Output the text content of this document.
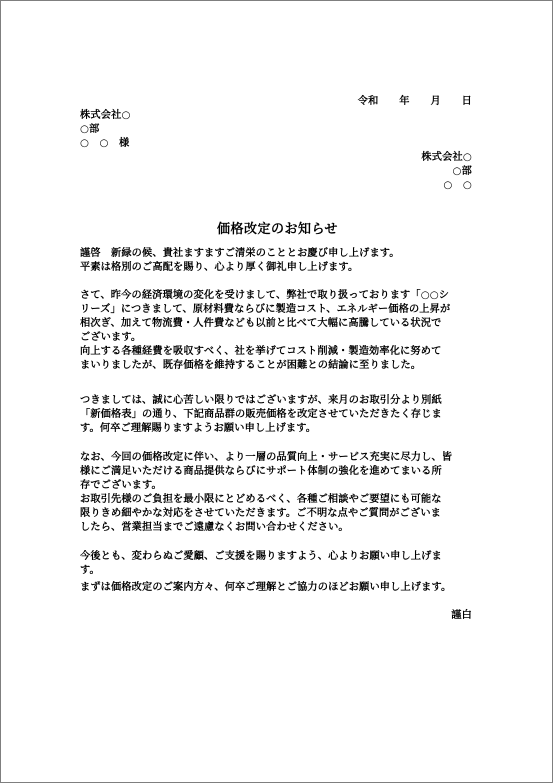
令和　　年　　月　　日
株式会社○
○部
○　○　様
株式会社○
○部
○　○
価格改定のお知らせ
謹啓　新緑の候、貴社ますますご清栄のこととお慶び申し上げます。
平素は格別のご高配を賜り、心より厚く御礼申し上げます。
さて、昨今の経済環境の変化を受けまして、弊社で取り扱っております「○○シ
リーズ」につきまして、原材料費ならびに製造コスト、エネルギー価格の上昇が
相次ぎ、加えて物流費・人件費なども以前と比べて大幅に高騰している状況で
ございます。
向上する各種経費を吸収すべく、社を挙げてコスト削減・製造効率化に努めて
まいりましたが、既存価格を維持することが困難との結論に至りました。
つきましては、誠に心苦しい限りではございますが、来月のお取引分より別紙
「新価格表」の通り、下記商品群の販売価格を改定させていただきたく存じま
す。何卒ご理解賜りますようお願い申し上げます。
なお、今回の価格改定に伴い、より一層の品質向上・サービス充実に尽力し、皆
様にご満足いただける商品提供ならびにサポート体制の強化を進めてまいる所
存でございます。
お取引先様のご負担を最小限にとどめるべく、各種ご相談やご要望にも可能な
限りきめ細やかな対応をさせていただきます。ご不明な点やご質問がございま
したら、営業担当までご遠慮なくお問い合わせください。
今後とも、変わらぬご愛顧、ご支援を賜りますよう、心よりお願い申し上げま
す。
まずは価格改定のご案内方々、何卒ご理解とご協力のほどお願い申し上げます。
謹白
